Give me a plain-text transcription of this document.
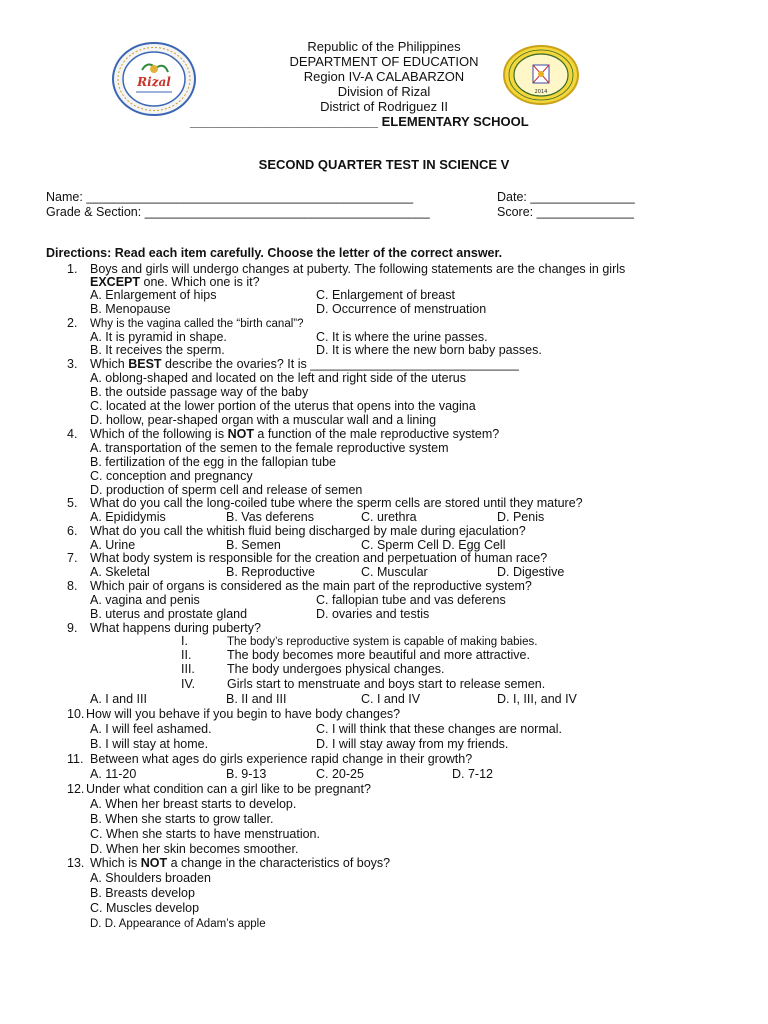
Rizal
2014
Republic of the Philippines
DEPARTMENT OF EDUCATION
Region IV-A CALABARZON
Division of Rizal
District of Rodriguez II
__________________________ ELEMENTARY SCHOOL
SECOND QUARTER TEST IN SCIENCE V
Name: _______________________________________________	Date: _______________
Grade & Section: _________________________________________	Score: ______________
Directions: Read each item carefully. Choose the letter of the correct answer.
1. Boys and girls will undergo changes at puberty. The following statements are the changes in girls
EXCEPT one. Which one is it?
A. Enlargement of hips	C. Enlargement of breast
B. Menopause	D. Occurrence of menstruation
2. Why is the vagina called the “birth canal”?
A. It is pyramid in shape.	C. It is where the urine passes.
B. It receives the sperm.	D. It is where the new born baby passes.
3. Which BEST describe the ovaries? It is ______________________________
A. oblong-shaped and located on the left and right side of the uterus
B. the outside passage way of the baby
C. located at the lower portion of the uterus that opens into the vagina
D. hollow, pear-shaped organ with a muscular wall and a lining
4. Which of the following is NOT a function of the male reproductive system?
A. transportation of the semen to the female reproductive system
B. fertilization of the egg in the fallopian tube
C. conception and pregnancy
D. production of sperm cell and release of semen
5. What do you call the long-coiled tube where the sperm cells are stored until they mature?
A. Epididymis	B. Vas deferens	C. urethra	D. Penis
6. What do you call the whitish fluid being discharged by male during ejaculation?
A. Urine	B. Semen	C. Sperm Cell D. Egg Cell
7. What body system is responsible for the creation and perpetuation of human race?
A. Skeletal	B. Reproductive	C. Muscular	D. Digestive
8. Which pair of organs is considered as the main part of the reproductive system?
A. vagina and penis	C. fallopian tube and vas deferens
B. uterus and prostate gland	D. ovaries and testis
9. What happens during puberty?
I.	The body’s reproductive system is capable of making babies.
II.	The body becomes more beautiful and more attractive.
III.	The body undergoes physical changes.
IV.	Girls start to menstruate and boys start to release semen.
A. I and III	B. II and III	C. I and IV	D. I, III, and IV
10. How will you behave if you begin to have body changes?
A. I will feel ashamed.	C. I will think that these changes are normal.
B. I will stay at home.	D. I will stay away from my friends.
11. Between what ages do girls experience rapid change in their growth?
A. 11-20	B. 9-13	C. 20-25	D. 7-12
12. Under what condition can a girl like to be pregnant?
A. When her breast starts to develop.
B. When she starts to grow taller.
C. When she starts to have menstruation.
D. When her skin becomes smoother.
13. Which is NOT a change in the characteristics of boys?
A. Shoulders broaden
B. Breasts develop
C. Muscles develop
D. D. Appearance of Adam’s apple
